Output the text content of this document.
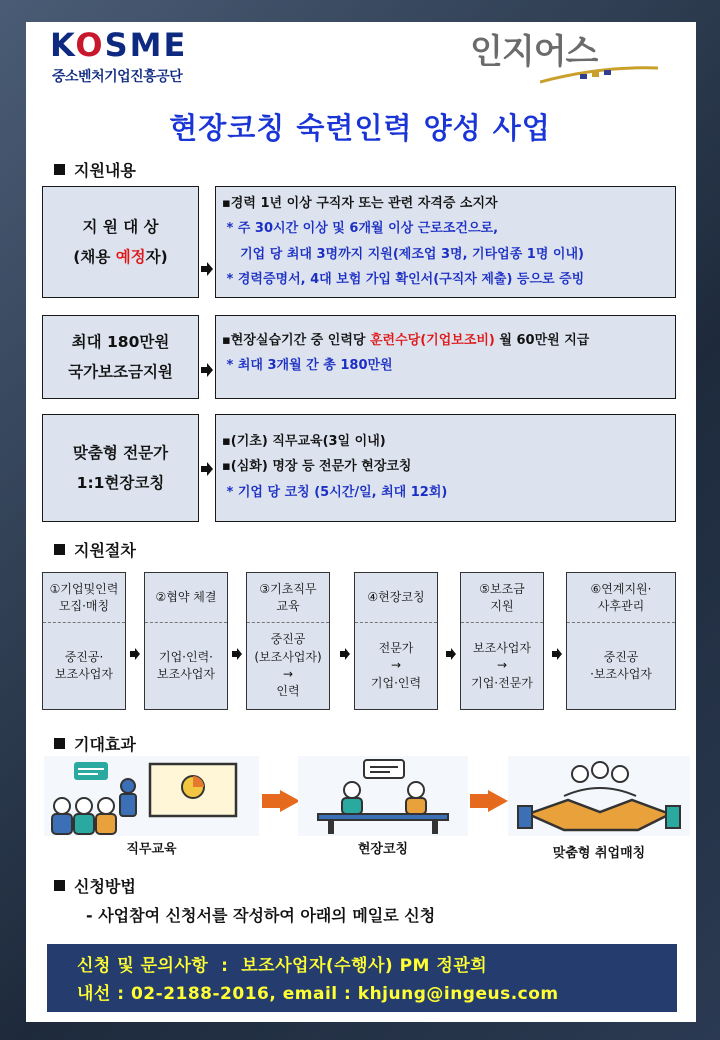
KOSME
중소벤처기업진흥공단
인지어스
현장코칭 숙련인력 양성 사업
지원내용
지 원 대 상
(채용 예정자)
▪경력 1년 이상 구직자 또는 관련 자격증 소지자
* 주 30시간 이상 및 6개월 이상 근로조건으로,
기업 당 최대 3명까지 지원(제조업 3명, 기타업종 1명 이내)
* 경력증명서, 4대 보험 가입 확인서(구직자 제출) 등으로 증빙
최대 180만원
국가보조금지원
▪현장실습기간 중 인력당 훈련수당(기업보조비) 월 60만원 지급
* 최대 3개월 간 총 180만원
맞춤형 전문가
1:1현장코칭
▪(기초) 직무교육(3일 이내)
▪(심화) 명장 등 전문가 현장코칭
* 기업 당 코칭 (5시간/일, 최대 12회)
지원절차
①기업및인력
모집·매칭
중진공·
보조사업자
②협약 체결
기업·인력·
보조사업자
③기초직무
교육
중진공
(보조사업자)
→
인력
④현장코칭
전문가
→
기업·인력
⑤보조금
지원
보조사업자
→
기업·전문가
⑥연계지원·
사후관리
중진공
·보조사업자
기대효과
직무교육	현장코칭	맞춤형 취업매칭
신청방법
- 사업참여 신청서를 작성하여 아래의 메일로 신청
신청 및 문의사항  :  보조사업자(수행사) PM 정관희
내선 : 02-2188-2016, email : khjung@ingeus.com
